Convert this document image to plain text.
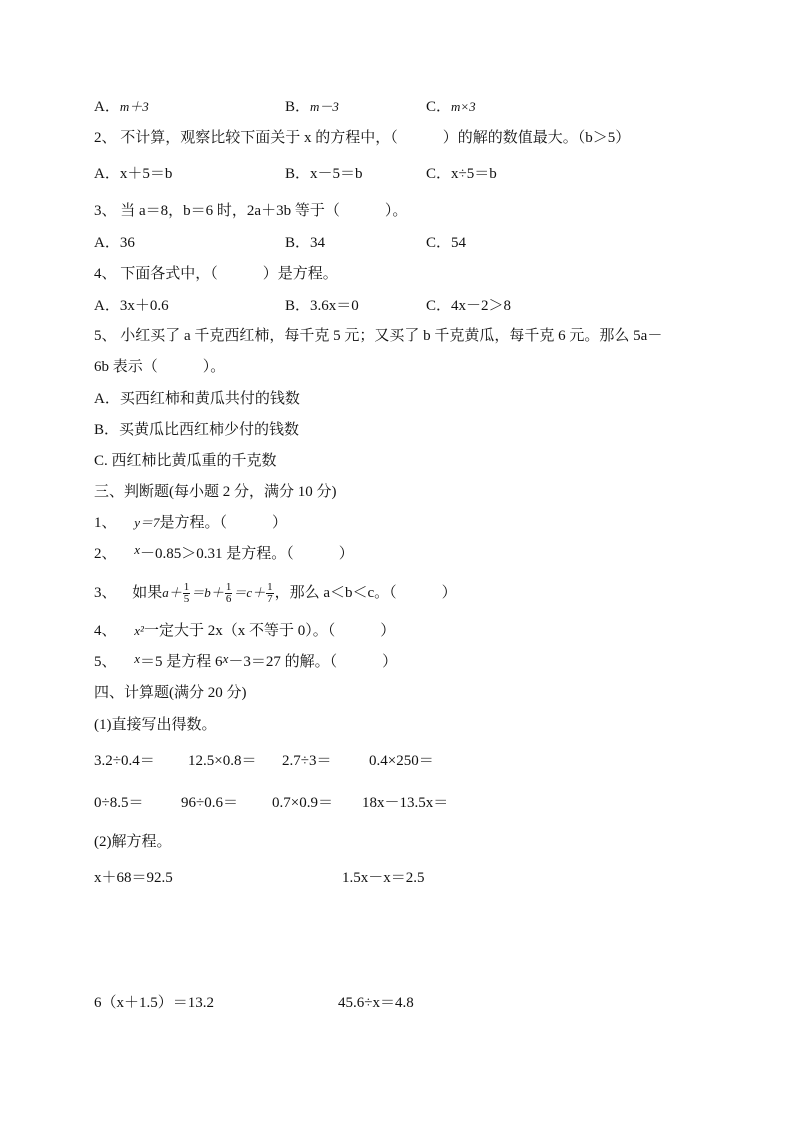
A．m＋3	B．m－3	C．m×3
2、 不计算，观察比较下面关于 x 的方程中，（　　　）的解的数值最大。（b＞5）
A．x＋5＝b	B．x－5＝b	C．x÷5＝b
3、 当 a＝8，b＝6 时，2a＋3b 等于（　　　）。
A．36	B．34	C．54
4、 下面各式中，（　　　）是方程。
A．3x＋0.6	B．3.6x＝0	C．4x－2＞8
5、 小红买了 a 千克西红柿，每千克 5 元；又买了 b 千克黄瓜，每千克 6 元。那么 5a－
6b 表示（　　　）。
A．买西红柿和黄瓜共付的钱数
B．买黄瓜比西红柿少付的钱数
C. 西红柿比黄瓜重的千克数
三、判断题(每小题 2 分，满分 10 分)
1、 y＝7是方程。（　　　）
2、 x－0.85＞0.31 是方程。（　　　）
3、 如果$a+ \frac{1}{5} =b+ \frac{1}{6} =c+ \frac{1}{7}$ ，那么 a＜b＜c。（　　　）
4、 x²一定大于 2x（x 不等于 0）。（　　　）
5、 x＝5 是方程 6x－3＝27 的解。（　　　）
四、计算题(满分 20 分)
(1)直接写出得数。
3.2÷0.4＝ 12.5×0.8＝ 2.7÷3＝	0.4×250＝
0÷8.5＝	96÷0.6＝ 0.7×0.9＝ 18x－13.5x＝
(2)解方程。
x＋68＝92.5	1.5x－x＝2.5
6（x＋1.5）＝13.2	45.6÷x＝4.8
